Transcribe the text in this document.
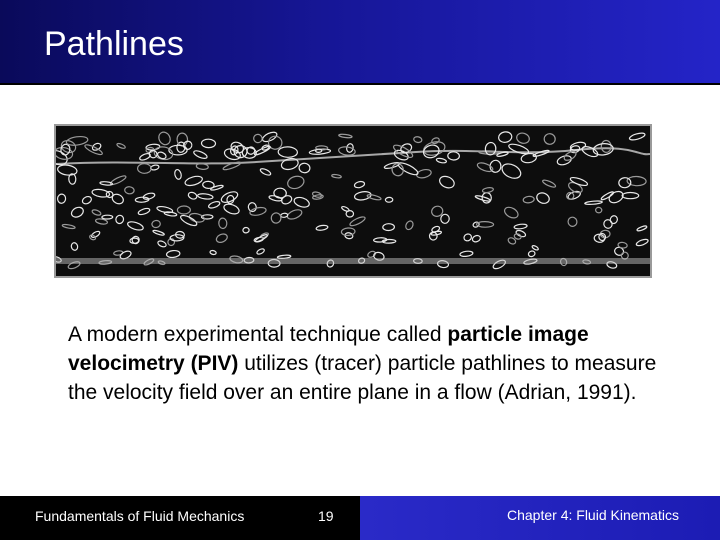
Pathlines
A modern experimental technique called particle image velocimetry (PIV) utilizes (tracer) particle pathlines to measure the velocity field over an entire plane in a flow (Adrian, 1991).
Fundamentals of Fluid Mechanics	19	Chapter 4: Fluid Kinematics
